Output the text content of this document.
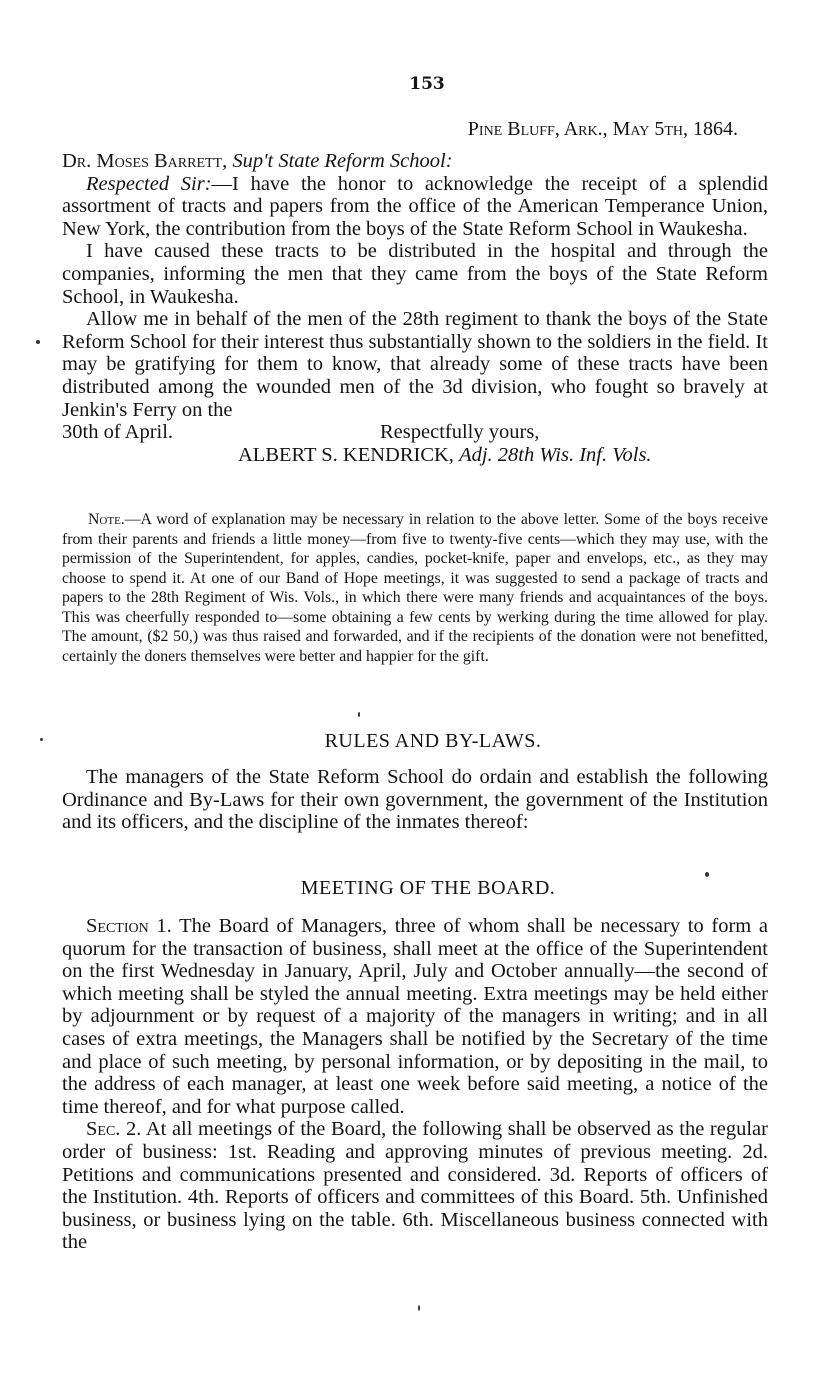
153
Pine Bluff, Ark., May 5th, 1864.

Dr. Moses Barrett, Sup't State Reform School:

Respected Sir:—I have the honor to acknowledge the receipt of a splendid assortment of tracts and papers from the office of the American Temperance Union, New York, the contribution from the boys of the State Reform School in Waukesha.

I have caused these tracts to be distributed in the hospital and through the companies, informing the men that they came from the boys of the State Reform School, in Waukesha.

Allow me in behalf of the men of the 28th regiment to thank the boys of the State Reform School for their interest thus substantially shown to the soldiers in the field. It may be gratifying for them to know, that already some of these tracts have been distributed among the wounded men of the 3d division, who fought so bravely at Jenkin's Ferry on the

30th of April.	Respectfully yours,
ALBERT S. KENDRICK, Adj. 28th Wis. Inf. Vols.

Note.—A word of explanation may be necessary in relation to the above letter. Some of the boys receive from their parents and friends a little money—from five to twenty-five cents—which they may use, with the permission of the Superintendent, for apples, candies, pocket-knife, paper and envelops, etc., as they may choose to spend it. At one of our Band of Hope meetings, it was suggested to send a package of tracts and papers to the 28th Regiment of Wis. Vols., in which there were many friends and acquaintances of the boys. This was cheerfully responded to—some obtaining a few cents by werking during the time allowed for play. The amount, ($2 50,) was thus raised and forwarded, and if the recipients of the donation were not benefitted, certainly the doners themselves were better and happier for the gift.

RULES AND BY-LAWS.

The managers of the State Reform School do ordain and establish the following Ordinance and By-Laws for their own government, the government of the Institution and its officers, and the discipline of the inmates thereof:

MEETING OF THE BOARD.

Section 1. The Board of Managers, three of whom shall be necessary to form a quorum for the transaction of business, shall meet at the office of the Superintendent on the first Wednesday in January, April, July and October annually—the second of which meeting shall be styled the annual meeting. Extra meetings may be held either by adjournment or by request of a majority of the managers in writing; and in all cases of extra meetings, the Managers shall be notified by the Secretary of the time and place of such meeting, by personal information, or by depositing in the mail, to the address of each manager, at least one week before said meeting, a notice of the time thereof, and for what purpose called.

Sec. 2. At all meetings of the Board, the following shall be observed as the regular order of business: 1st. Reading and approving minutes of previous meeting. 2d. Petitions and communications presented and considered. 3d. Reports of officers of the Institution. 4th. Reports of officers and committees of this Board. 5th. Unfinished business, or business lying on the table. 6th. Miscellaneous business connected with the
